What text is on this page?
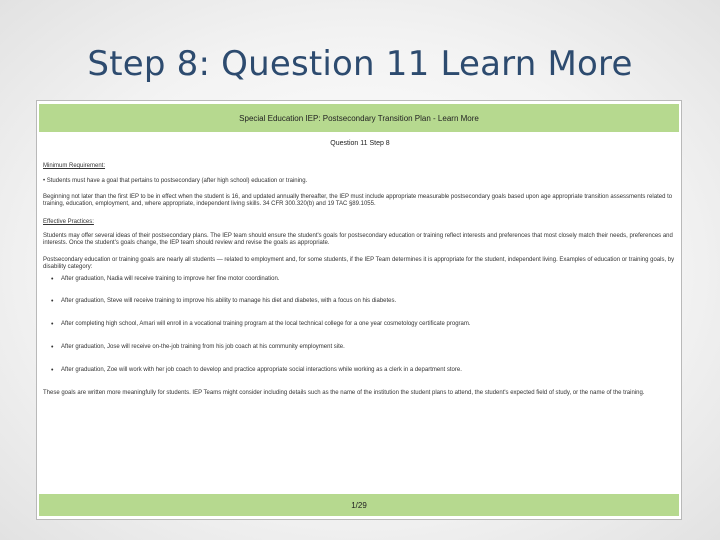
Step 8: Question 11 Learn More
Special Education IEP: Postsecondary Transition Plan - Learn More
Question 11 Step 8

Minimum Requirement:

• Students must have a goal that pertains to postsecondary (after high school) education or training.

Beginning not later than the first IEP to be in effect when the student is 16, and updated annually thereafter, the IEP must include appropriate measurable postsecondary goals based upon age appropriate transition assessments related to training, education, employment, and, where appropriate, independent living skills. 34 CFR 300.320(b) and 19 TAC §89.1055.

Effective Practices:

Students may offer several ideas of their postsecondary plans. The IEP team should ensure the student's goals for postsecondary education or training reflect interests and preferences that most closely match their needs, preferences and interests. Once the student's goals change, the IEP team should review and revise the goals as appropriate.

Postsecondary education or training goals are nearly all students — related to employment and, for some students, if the IEP Team determines it is appropriate for the student, independent living. Examples of education or training goals, by disability category:

• After graduation, Nadia will receive training to improve her fine motor coordination.
• After graduation, Steve will receive training to improve his ability to manage his diet and diabetes, with a focus on his diabetes.
• After completing high school, Amari will enroll in a vocational training program at the local technical college for a one year cosmetology certificate program.
• After graduation, Jose will receive on-the-job training from his job coach at his community employment site.
• After graduation, Zoe will work with her job coach to develop and practice appropriate social interactions while working as a clerk in a department store.

These goals are written more meaningfully for students. IEP Teams might consider including details such as the name of the institution the student plans to attend, the student's expected field of study, or the name of the training.

1/29
